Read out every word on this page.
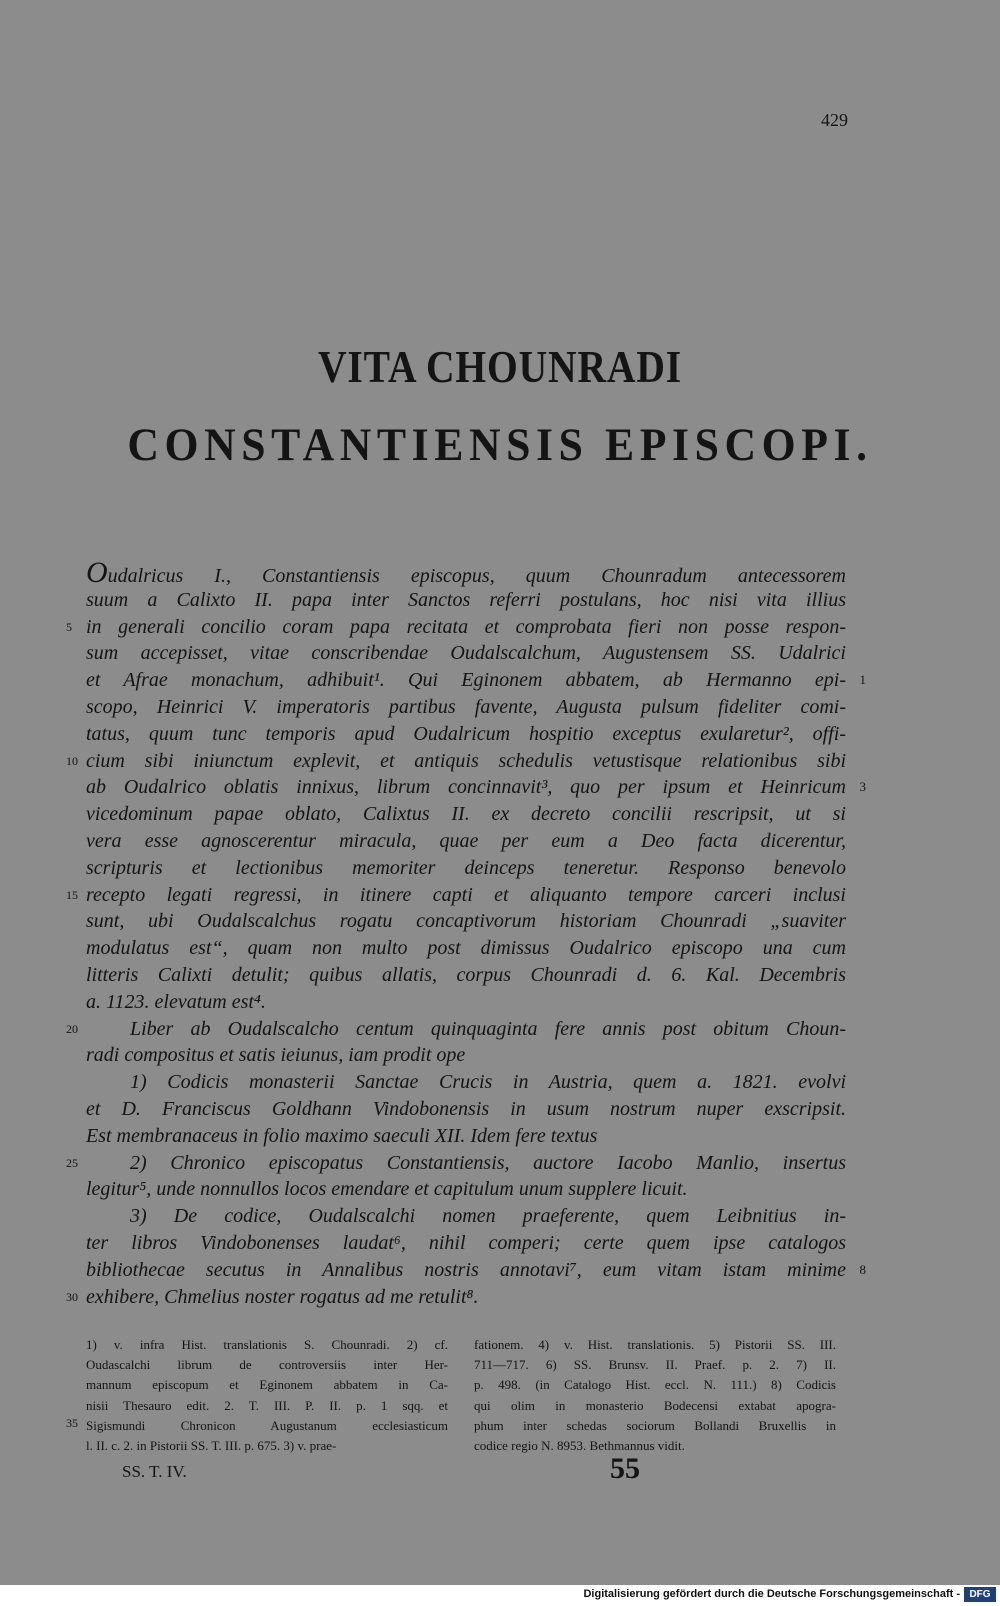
429
VITA CHOUNRADI
CONSTANTIENSIS EPISCOPI.
Oudalricus I., Constantiensis episcopus, quum Chounradum antecessorem
suum a Calixto II. papa inter Sanctos referri postulans, hoc nisi vita illius
in generali concilio coram papa recitata et comprobata fieri non posse respon-
5
sum accepisset, vitae conscribendae Oudalscalchum, Augustensem SS. Udalrici
et Afrae monachum, adhibuit¹. Qui Eginonem abbatem, ab Hermanno epi- 1
scopo, Heinrici V. imperatoris partibus favente, Augusta pulsum fideliter comi-
tatus, quum tunc temporis apud Oudalricum hospitio exceptus exularetur², offi-
cium sibi iniunctum explevit, et antiquis schedulis vetustisque relationibus sibi
10
ab Oudalrico oblatis innixus, librum concinnavit³, quo per ipsum et Heinricum 3
vicedominum papae oblato, Calixtus II. ex decreto concilii rescripsit, ut si
vera esse agnoscerentur miracula, quae per eum a Deo facta dicerentur,
scripturis et lectionibus memoriter deinceps teneretur. Responso benevolo
recepto legati regressi, in itinere capti et aliquanto tempore carceri inclusi
15
sunt, ubi Oudalscalchus rogatu concaptivorum historiam Chounradi „suaviter
modulatus est“, quam non multo post dimissus Oudalrico episcopo una cum
litteris Calixti detulit; quibus allatis, corpus Chounradi d. 6. Kal. Decembris
a. 1123. elevatum est⁴.
Liber ab Oudalscalcho centum quinquaginta fere annis post obitum Choun-
20
radi compositus et satis ieiunus, iam prodit ope
1) Codicis monasterii Sanctae Crucis in Austria, quem a. 1821. evolvi
et D. Franciscus Goldhann Vindobonensis in usum nostrum nuper exscripsit.
Est membranaceus in folio maximo saeculi XII. Idem fere textus
2) Chronico episcopatus Constantiensis, auctore Iacobo Manlio, insertus
25
legitur⁵, unde nonnullos locos emendare et capitulum unum supplere licuit.
3) De codice, Oudalscalchi nomen praeferente, quem Leibnitius in-
ter libros Vindobonenses laudat⁶, nihil comperi; certe quem ipse catalogos
bibliothecae secutus in Annalibus nostris annotavi⁷, eum vitam istam minime 8
exhibere, Chmelius noster rogatus ad me retulit⁸.
30
1) v. infra Hist. translationis S. Chounradi. 2) cf.
Oudascalchi librum de controversiis inter Her-
mannum episcopum et Eginonem abbatem in Ca-
nisii Thesauro edit. 2. T. III. P. II. p. 1 sqq. et
Sigismundi Chronicon Augustanum ecclesiasticum
l. II. c. 2. in Pistorii SS. T. III. p. 675. 3) v. prae-
35
fationem. 4) v. Hist. translationis. 5) Pistorii SS. III.
711—717. 6) SS. Brunsv. II. Praef. p. 2. 7) II.
p. 498. (in Catalogo Hist. eccl. N. 111.) 8) Codicis
qui olim in monasterio Bodecensi extabat apogra-
phum inter schedas sociorum Bollandi Bruxellis in
codice regio N. 8953. Bethmannus vidit.
SS. T. IV.	55
Digitalisierung gefördert durch die Deutsche Forschungsgemeinschaft - DFG
